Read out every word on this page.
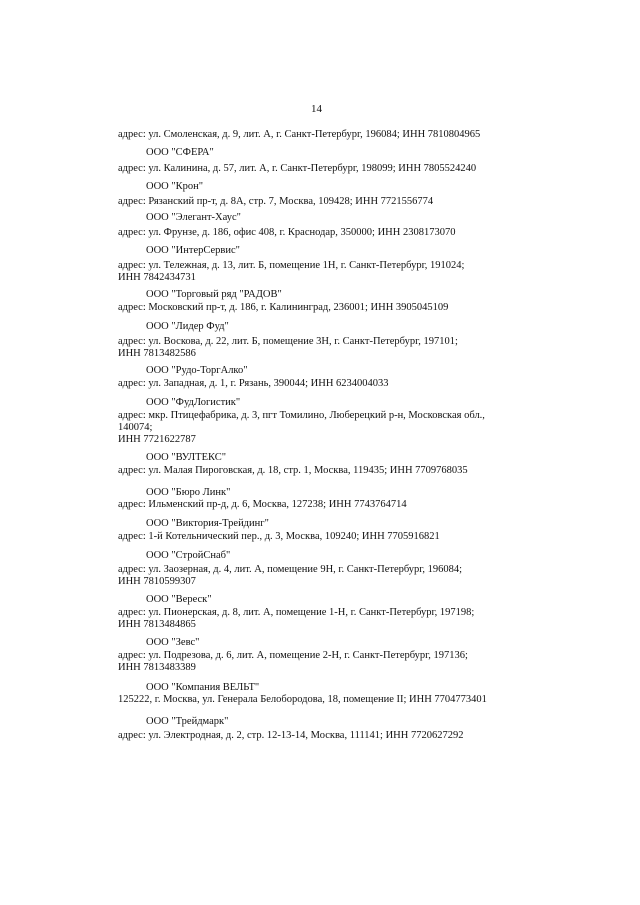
14
адрес: ул. Смоленская, д. 9, лит. А, г. Санкт-Петербург, 196084; ИНН 7810804965
ООО "СФЕРА"
адрес: ул. Калинина, д. 57, лит. А, г. Санкт-Петербург, 198099; ИНН 7805524240
ООО "Крон"
адрес: Рязанский пр-т, д. 8А, стр. 7, Москва, 109428; ИНН 7721556774
ООО "Элегант-Хаус"
адрес: ул. Фрунзе, д. 186, офис 408, г. Краснодар, 350000; ИНН 2308173070
ООО "ИнтерСервис"
адрес: ул. Тележная, д. 13, лит. Б, помещение 1Н, г. Санкт-Петербург, 191024;
ИНН 7842434731
ООО "Торговый ряд "РАДОВ"
адрес: Московский пр-т, д. 186, г. Калининград, 236001; ИНН 3905045109
ООО "Лидер Фуд"
адрес: ул. Воскова, д. 22, лит. Б, помещение 3Н, г. Санкт-Петербург, 197101;
ИНН 7813482586
ООО "Рудо-ТоргАлко"
адрес: ул. Западная, д. 1, г. Рязань, 390044; ИНН 6234004033
ООО "ФудЛогистик"
адрес: мкр. Птицефабрика, д. 3, пгт Томилино, Люберецкий р-н, Московская обл.,
140074;
ИНН 7721622787
ООО "ВУЛТЕКС"
адрес: ул. Малая Пироговская, д. 18, стр. 1, Москва, 119435; ИНН 7709768035
ООО "Бюро Линк"
адрес: Ильменский пр-д, д. 6, Москва, 127238; ИНН 7743764714
ООО "Виктория-Трейдинг"
адрес: 1-й Котельнический пер., д. 3, Москва, 109240; ИНН 7705916821
ООО "СтройСнаб"
адрес: ул. Заозерная, д. 4, лит. А, помещение 9Н, г. Санкт-Петербург, 196084;
ИНН 7810599307
ООО "Вереск"
адрес: ул. Пионерская, д. 8, лит. А, помещение 1-Н, г. Санкт-Петербург, 197198;
ИНН 7813484865
ООО "Зевс"
адрес: ул. Подрезова, д. 6, лит. А, помещение 2-Н, г. Санкт-Петербург, 197136;
ИНН 7813483389
ООО "Компания ВЕЛЬТ"
125222, г. Москва, ул. Генерала Белобородова, 18, помещение II; ИНН 7704773401
ООО "Трейдмарк"
адрес: ул. Электродная, д. 2, стр. 12-13-14, Москва, 111141; ИНН 7720627292
